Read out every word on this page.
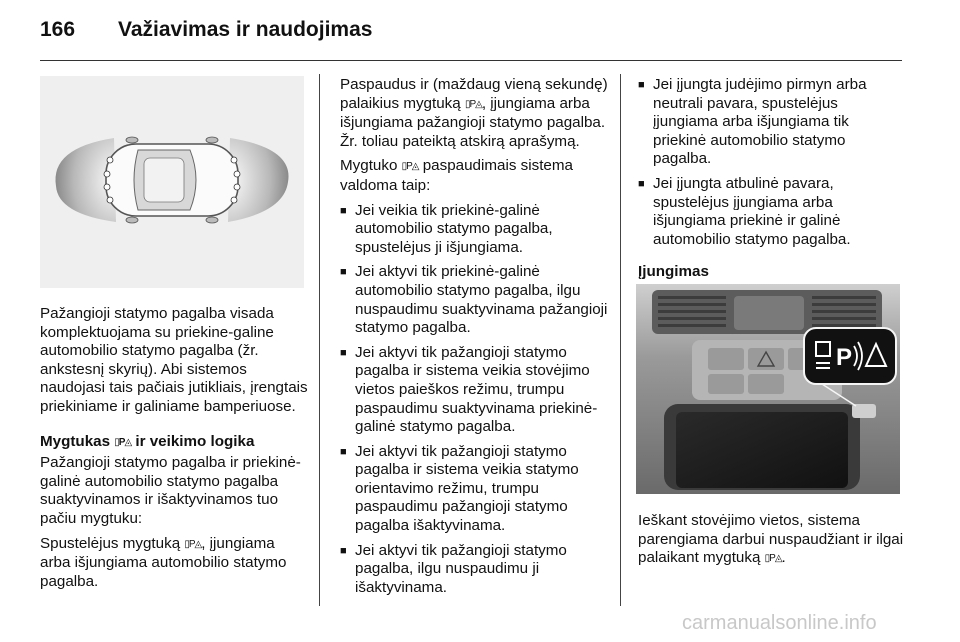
166 Važiavimas ir naudojimas

Pažangioji statymo pagalba visada komplektuojama su priekine-galine automobilio statymo pagalba (žr. ankstesnį skyrių). Abi sistemos naudojasi tais pačiais jutikliais, įrengtais priekiniame ir galiniame bamperiuose.

Mygtukas ▯P◬ ir veikimo logika

Pažangioji statymo pagalba ir priekinė-galinė automobilio statymo pagalba suaktyvinamos ir išaktyvinamos tuo pačiu mygtuku:

Spustelėjus mygtuką ▯P◬, įjungiama arba išjungiama automobilio statymo pagalba.

Paspaudus ir (maždaug vieną sekundę) palaikius mygtuką ▯P◬, įjungiama arba išjungiama pažangioji statymo pagalba. Žr. toliau pateiktą atskirą aprašymą.

Mygtuko ▯P◬ paspaudimais sistema valdoma taip:

■ Jei veikia tik priekinė-galinė automobilio statymo pagalba, spustelėjus ji išjungiama.
■ Jei aktyvi tik priekinė-galinė automobilio statymo pagalba, ilgu nuspaudimu suaktyvinama pažangioji statymo pagalba.
■ Jei aktyvi tik pažangioji statymo pagalba ir sistema veikia stovėjimo vietos paieškos režimu, trumpu paspaudimu suaktyvinama priekinė-galinė statymo pagalba.
■ Jei aktyvi tik pažangioji statymo pagalba ir sistema veikia statymo orientavimo režimu, trumpu paspaudimu pažangioji statymo pagalba išaktyvinama.
■ Jei aktyvi tik pažangioji statymo pagalba, ilgu nuspaudimu ji išaktyvinama.
■ Jei įjungta judėjimo pirmyn arba neutrali pavara, spustelėjus įjungiama arba išjungiama tik priekinė automobilio statymo pagalba.
■ Jei įjungta atbulinė pavara, spustelėjus įjungiama arba išjungiama priekinė ir galinė automobilio statymo pagalba.

Įjungimas

P

Ieškant stovėjimo vietos, sistema parengiama darbui nuspaudžiant ir ilgai palaikant mygtuką ▯P◬.

carmanualsonline.info
